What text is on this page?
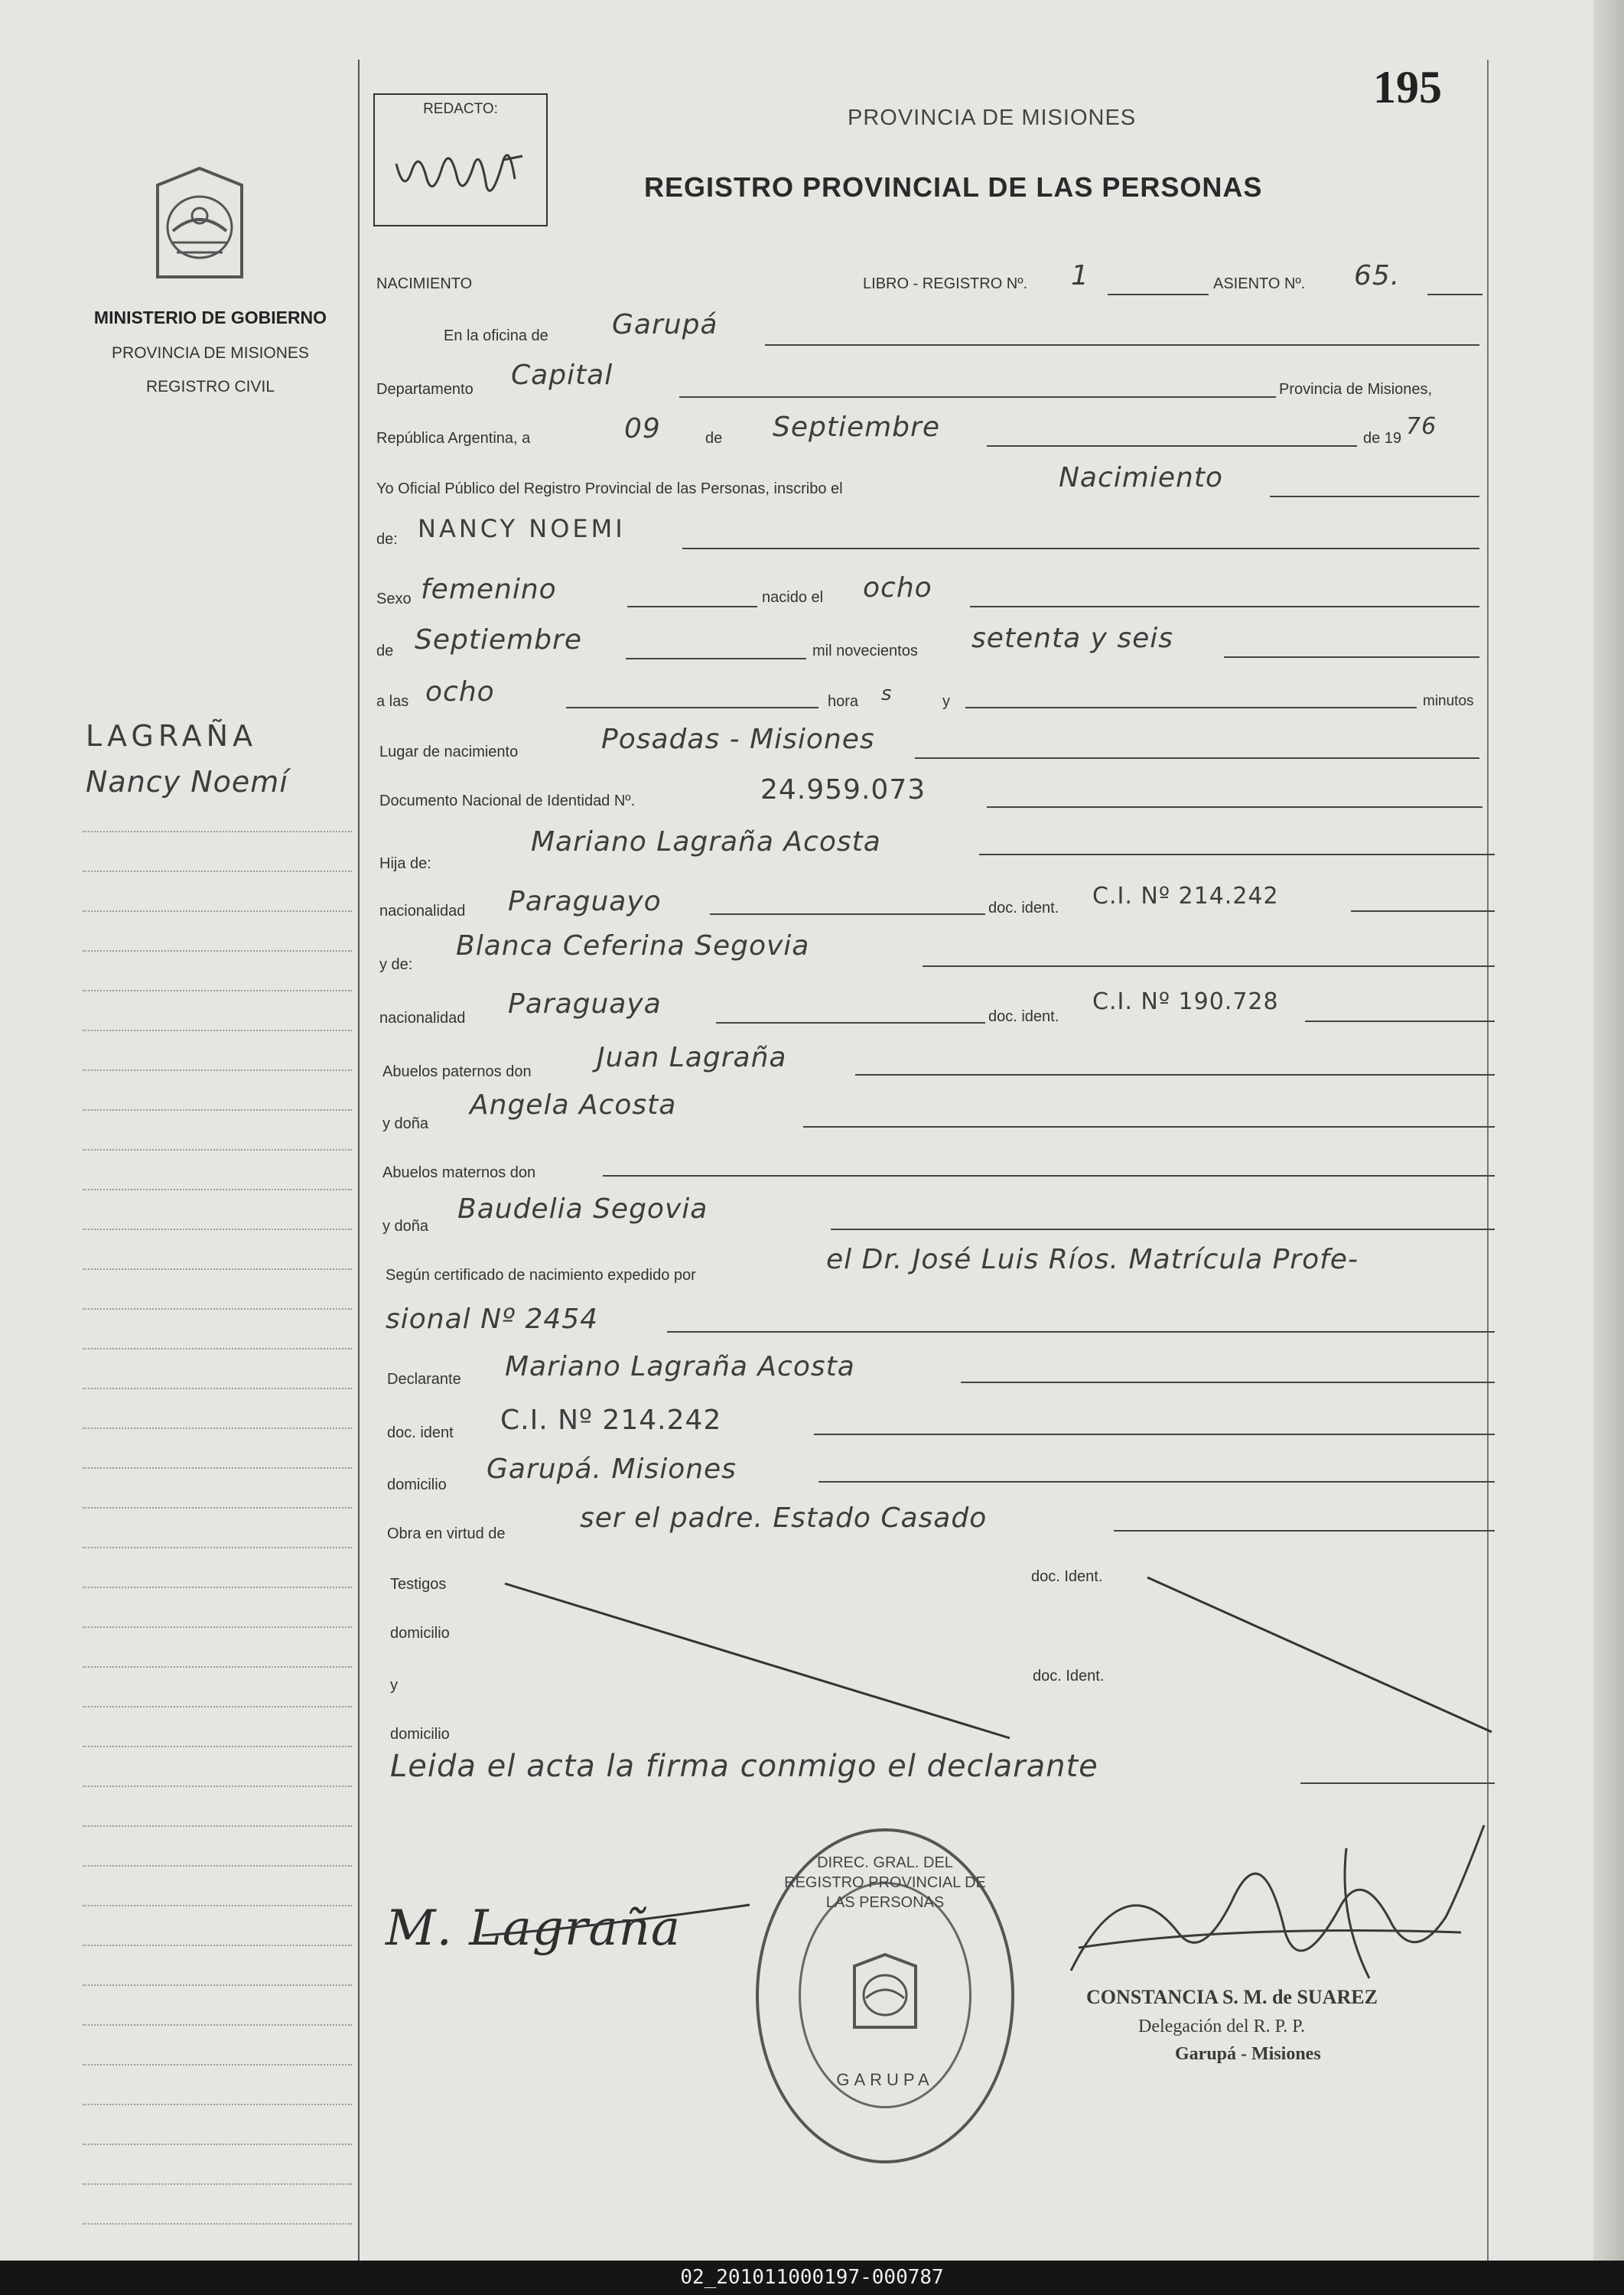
MINISTERIO DE GOBIERNO
PROVINCIA DE MISIONES
REGISTRO CIVIL
LAGRAÑA
Nancy Noemí
REDACTO:	PROVINCIA DE MISIONES
REGISTRO PROVINCIAL DE LAS PERSONAS
195
NACIMIENTO	LIBRO - REGISTRO Nº. 1	ASIENTO Nº. 65.
En la oficina de Garupá
Departamento Capital	Provincia de Misiones,
República Argentina, a	09	de Septiembre	de 19 76
Yo Oficial Público del Registro Provincial de las Personas, inscribo el	Nacimiento
de: NANCY NOEMI
Sexo femenino	nacido el ocho
de Septiembre	mil novecientos setenta y seis
a las ocho	hora s	y	minutos
Lugar de nacimiento	Posadas - Misiones
Documento Nacional de Identidad Nº.	24.959.073
Hija de:
Mariano Lagraña Acosta
nacionalidad Paraguayo	doc. ident. C.I. Nº 214.242
y de:
Blanca Ceferina Segovia
nacionalidad Paraguaya	doc. ident.
C.I. Nº 190.728
Abuelos paternos don Juan Lagraña
y doña
Angela Acosta
Abuelos maternos don
y doña
Baudelia Segovia
Según certificado de nacimiento expedido por	el Dr. José Luis Ríos. Matrícula Profe-
sional Nº 2454
Declarante Mariano Lagraña Acosta
doc. ident C.I. Nº 214.242
domicilio Garupá. Misiones
Obra en virtud de	ser el padre. Estado Casado
Testigos	doc. Ident.
domicilio
y
doc. Ident.
domicilio
Leida el acta la firma conmigo el declarante
M. Lagraña
DIREC. GRAL. DEL REGISTRO PROVINCIAL DE LAS PERSONAS
GARUPA
CONSTANCIA S. M. de SUAREZ
Delegación del R. P. P.
Garupá - Misiones
02_201011000197-000787
